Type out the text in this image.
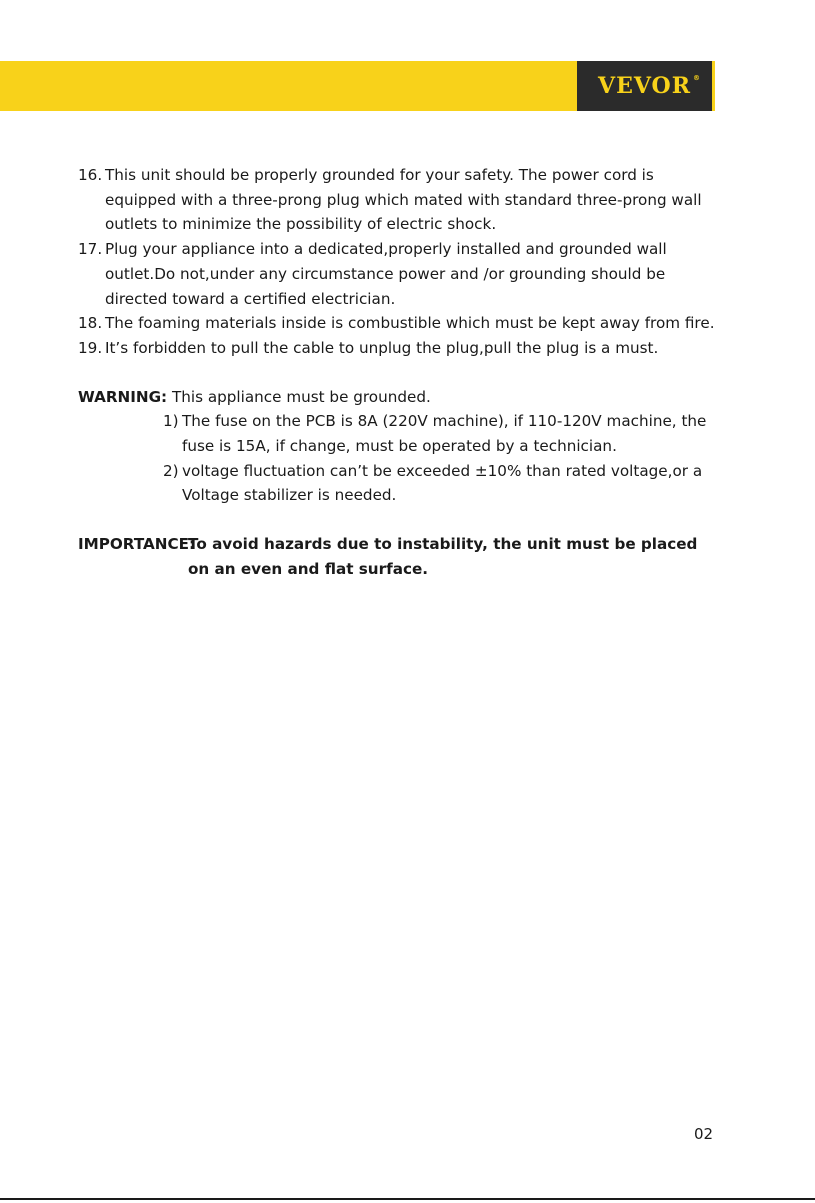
VEVOR ®
16. This unit should be properly grounded for your safety. The power cord is equipped with a three-prong plug which mated with standard three-prong wall outlets to minimize the possibility of electric shock.
17. Plug your appliance into a dedicated,properly installed and grounded wall outlet.Do not,under any circumstance power and /or grounding should be directed toward a certified electrician.
18. The foaming materials inside is combustible which must be kept away from fire.
19. It’s forbidden to pull the cable to unplug the plug,pull the plug is a must.
WARNING: This appliance must be grounded.
1) The fuse on the PCB is 8A (220V machine), if 110-120V machine, the fuse is 15A, if change, must be operated by a technician.
2) voltage fluctuation can’t be exceeded ±10% than rated voltage,or a Voltage stabilizer is needed.
IMPORTANCE:
To avoid hazards due to instability, the unit must be placed on an even and flat surface.
02
